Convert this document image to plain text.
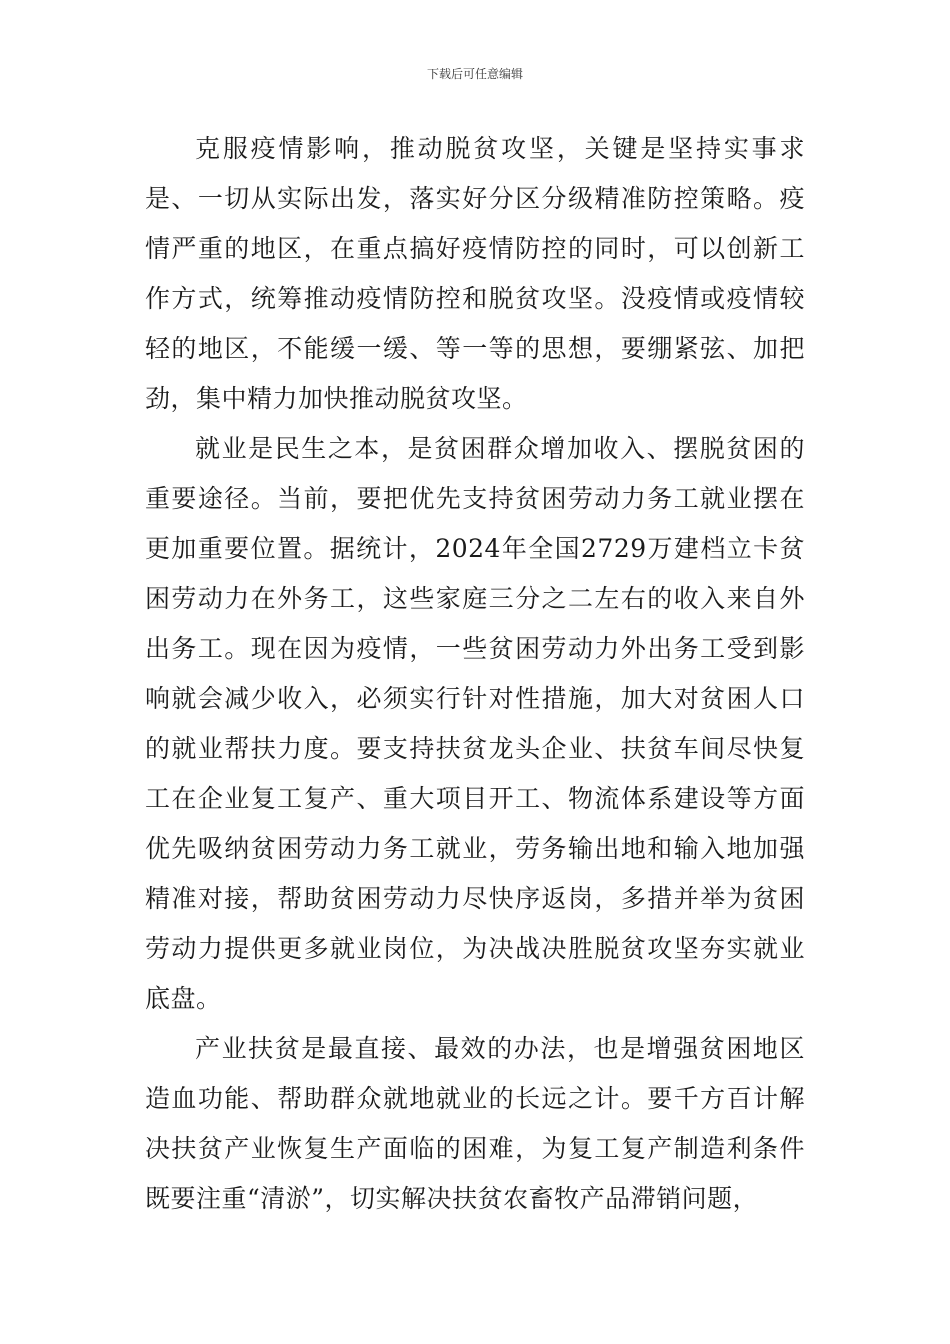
下载后可任意编辑

克服疫情影响，推动脱贫攻坚，关键是坚持实事求是、一切从实际出发，落实好分区分级精准防控策略。疫情严重的地区，在重点搞好疫情防控的同时，可以创新工作方式，统筹推动疫情防控和脱贫攻坚。没疫情或疫情较轻的地区，不能缓一缓、等一等的思想，要绷紧弦、加把劲，集中精力加快推动脱贫攻坚。

就业是民生之本，是贫困群众增加收入、摆脱贫困的重要途径。当前，要把优先支持贫困劳动力务工就业摆在更加重要位置。据统计，2024年全国2729万建档立卡贫困劳动力在外务工，这些家庭三分之二左右的收入来自外出务工。现在因为疫情，一些贫困劳动力外出务工受到影响就会减少收入，必须实行针对性措施，加大对贫困人口的就业帮扶力度。要支持扶贫龙头企业、扶贫车间尽快复工在企业复工复产、重大项目开工、物流体系建设等方面优先吸纳贫困劳动力务工就业，劳务输出地和输入地加强精准对接，帮助贫困劳动力尽快序返岗，多措并举为贫困劳动力提供更多就业岗位，为决战决胜脱贫攻坚夯实就业底盘。

产业扶贫是最直接、最效的办法，也是增强贫困地区造血功能、帮助群众就地就业的长远之计。要千方百计解决扶贫产业恢复生产面临的困难，为复工复产制造利条件既要注重“清淤”，切实解决扶贫农畜牧产品滞销问题，
